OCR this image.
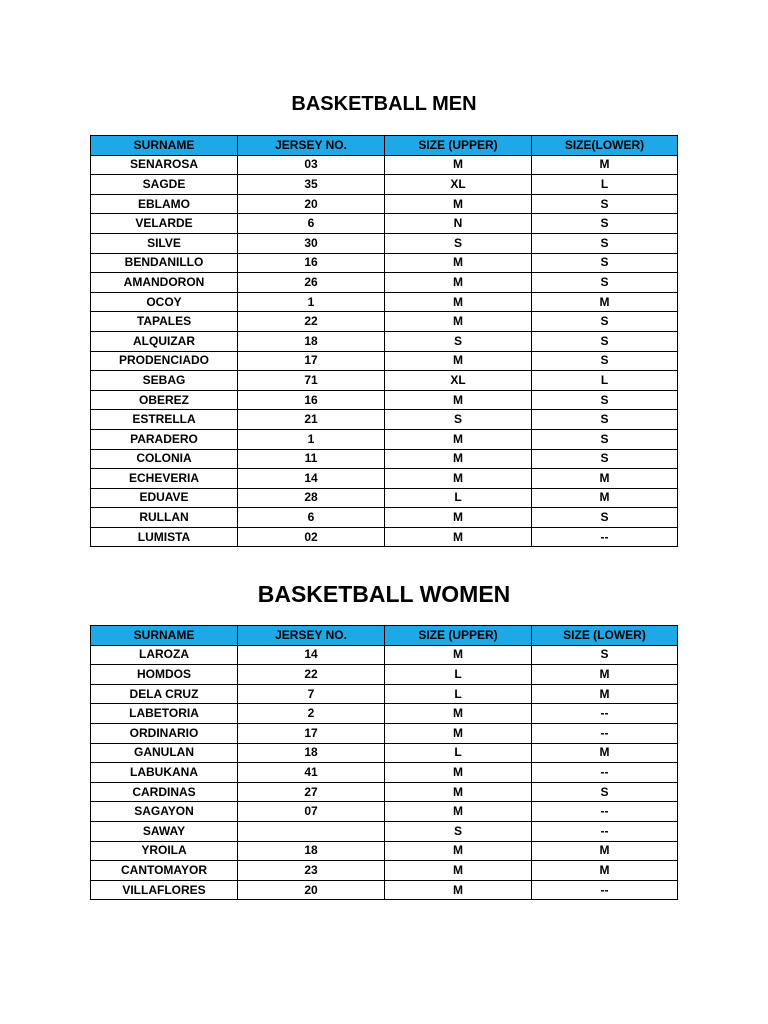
BASKETBALL MEN
SURNAME	JERSEY NO.	SIZE (UPPER)	SIZE(LOWER)
SENAROSA	03	M	M
SAGDE	35	XL	L
EBLAMO	20	M	S
VELARDE	6	N	S
SILVE	30	S	S
BENDANILLO	16	M	S
AMANDORON	26	M	S
OCOY	1	M	M
TAPALES	22	M	S
ALQUIZAR	18	S	S
PRODENCIADO	17	M	S
SEBAG	71	XL	L
OBEREZ	16	M	S
ESTRELLA	21	S	S
PARADERO	1	M	S
COLONIA	11	M	S
ECHEVERIA	14	M	M
EDUAVE	28	L	M
RULLAN	6	M	S
LUMISTA	02	M	--
BASKETBALL WOMEN
SURNAME	JERSEY NO.	SIZE (UPPER)	SIZE (LOWER)
LAROZA	14	M	S
HOMDOS	22	L	M
DELA CRUZ	7	L	M
LABETORIA	2	M	--
ORDINARIO	17	M	--
GANULAN	18	L	M
LABUKANA	41	M	--
CARDINAS	27	M	S
SAGAYON	07	M	--
SAWAY		S	--
YROILA	18	M	M
CANTOMAYOR	23	M	M
VILLAFLORES	20	M	--
